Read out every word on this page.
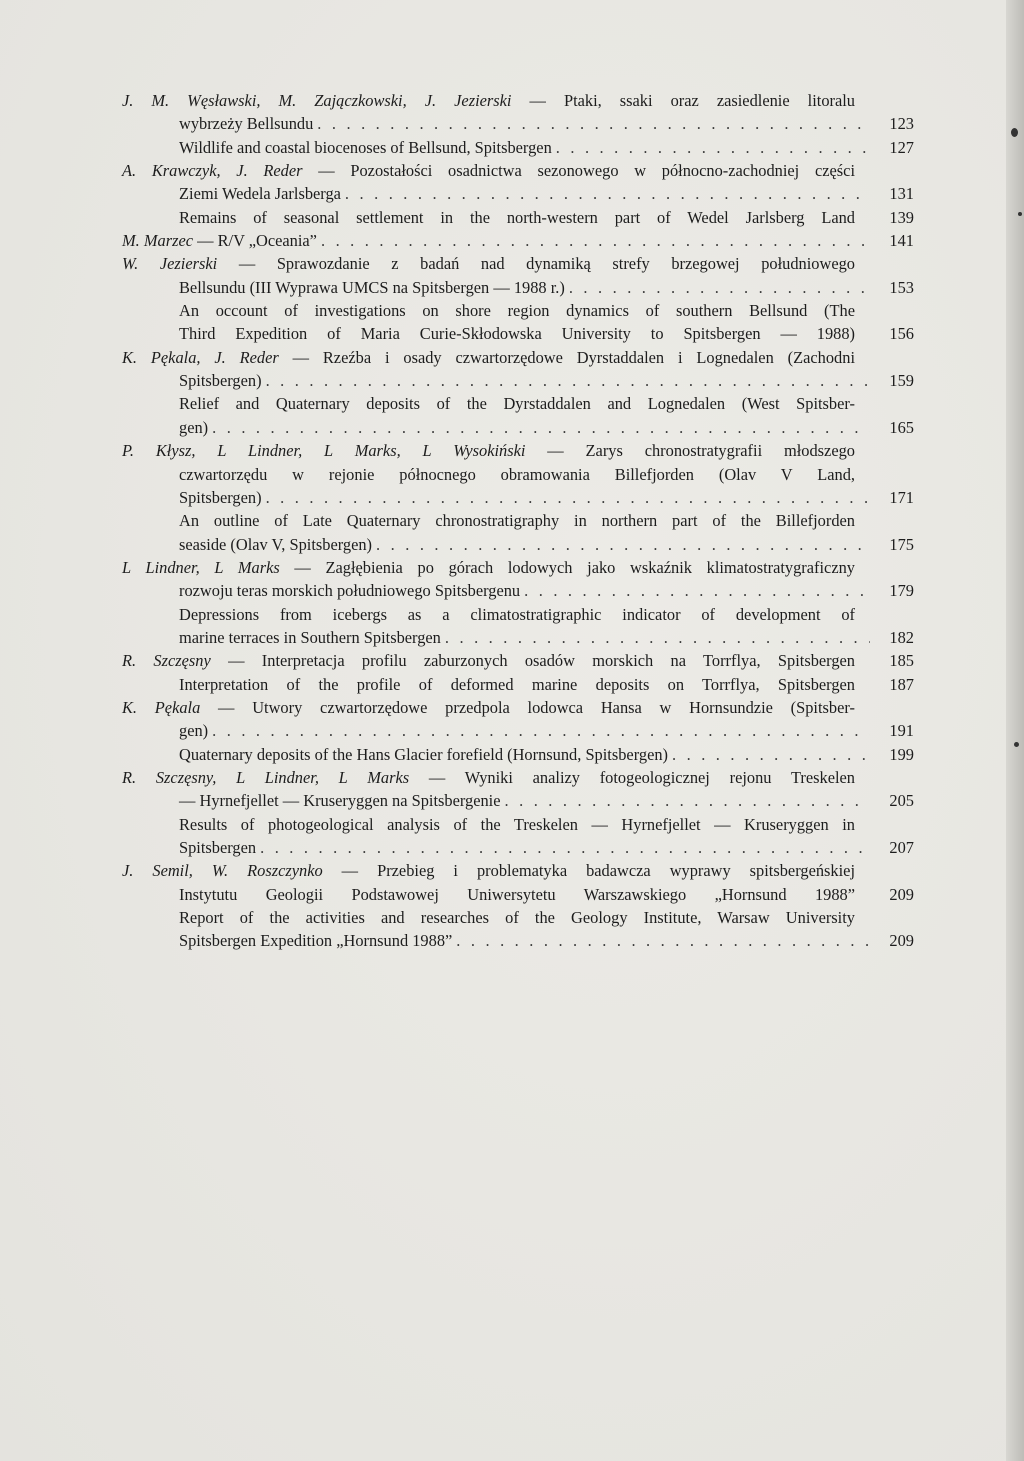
J. M. Węsławski, M. Zajączkowski, J. Jezierski — Ptaki, ssaki oraz zasiedlenie litoralu
wybrzeży Bellsundu . . .	123
Wildlife and coastal biocenoses of Bellsund, Spitsbergen . . .	127
A. Krawczyk, J. Reder — Pozostałości osadnictwa sezonowego w północno-zachodniej części
Ziemi Wedela Jarlsberga . . .	131
Remains of seasonal settlement in the north-western part of Wedel Jarlsberg Land	139
M. Marzec — R/V „Oceania” . . .	141
W. Jezierski — Sprawozdanie z badań nad dynamiką strefy brzegowej południowego
Bellsundu (III Wyprawa UMCS na Spitsbergen — 1988 r.) . . .	153
An occount of investigations on shore region dynamics of southern Bellsund (The
Third Expedition of Maria Curie-Skłodowska University to Spitsbergen — 1988)	156
K. Pękala, J. Reder — Rzeźba i osady czwartorzędowe Dyrstaddalen i Lognedalen (Zachodni
Spitsbergen) . . .	159
Relief and Quaternary deposits of the Dyrstaddalen and Lognedalen (West Spitsber-
gen) . . .	165
P. Kłysz, L Lindner, L Marks, L Wysokiński — Zarys chronostratygrafii młodszego
czwartorzędu w rejonie północnego obramowania Billefjorden (Olav V Land,
Spitsbergen) . . .	171
An outline of Late Quaternary chronostratigraphy in northern part of the Billefjorden
seaside (Olav V, Spitsbergen) . . .	175
L Lindner, L Marks — Zagłębienia po górach lodowych jako wskaźnik klimatostratygraficzny
rozwoju teras morskich południowego Spitsbergenu . . .	179
Depressions from icebergs as a climatostratigraphic indicator of development of
marine terraces in Southern Spitsbergen . . .	182
R. Szczęsny — Interpretacja profilu zaburzonych osadów morskich na Torrflya, Spitsbergen	185
Interpretation of the profile of deformed marine deposits on Torrflya, Spitsbergen	187
K. Pękala — Utwory czwartorzędowe przedpola lodowca Hansa w Hornsundzie (Spitsber-
gen) . . .	191
Quaternary deposits of the Hans Glacier forefield (Hornsund, Spitsbergen) . . .	199
R. Szczęsny, L Lindner, L Marks — Wyniki analizy fotogeologicznej rejonu Treskelen
— Hyrnefjellet — Kruseryggen na Spitsbergenie . . .	205
Results of photogeological analysis of the Treskelen — Hyrnefjellet — Kruseryggen in
Spitsbergen . . .	207
J. Semil, W. Roszczynko — Przebieg i problematyka badawcza wyprawy spitsbergeńskiej
Instytutu Geologii Podstawowej Uniwersytetu Warszawskiego „Hornsund 1988”	209
Report of the activities and researches of the Geology Institute, Warsaw University
Spitsbergen Expedition „Hornsund 1988” . . .	209
